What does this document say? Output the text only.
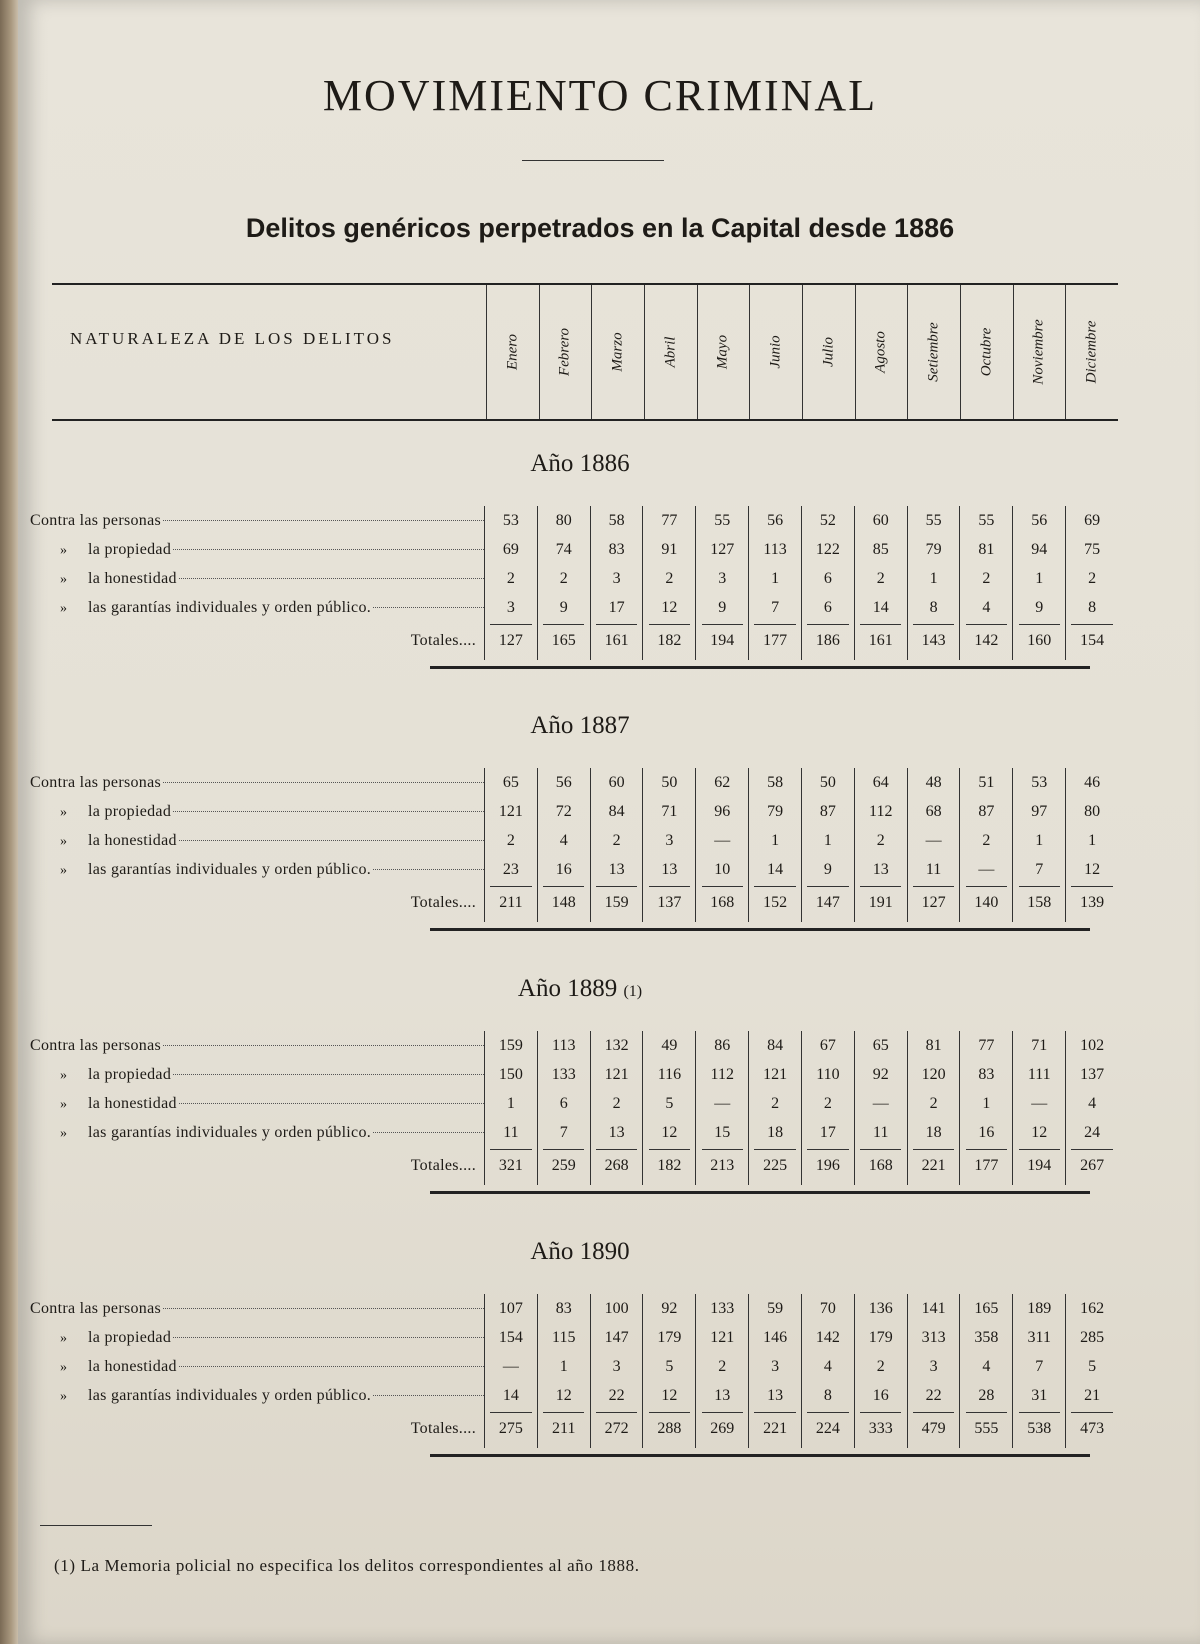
MOVIMIENTO CRIMINAL
Delitos genéricos perpetrados en la Capital desde 1886
NATURALEZA DE LOS DELITOS	Enero Febrero Marzo Abril Mayo Junio Julio Agosto Setiembre Octubre Noviembre Diciembre
Año 1886
Contra las personas	53	80	58	77	55	56	52	60	55	55	56	69
»	la propiedad	69	74	83	91	127	113	122	85	79	81	94	75
»	la honestidad	2	2	3	2	3	1	6	2	1	2	1	2
»	las garantías individuales y orden público.	3	9	17	12	9	7	6	14	8	4	9	8
Totales....	127	165	161	182	194	177	186	161	143	142	160	154
Año 1887
Contra las personas	65	56	60	50	62	58	50	64	48	51	53	46
»	la propiedad	121	72	84	71	96	79	87	112	68	87	97	80
»	la honestidad	2	4	2	3	—	1	1	2	—	2	1	1
»	las garantías individuales y orden público.	23	16	13	13	10	14	9	13	11	—	7	12
Totales....	211	148	159	137	168	152	147	191	127	140	158	139
Año 1889 (1)
Contra las personas	159	113	132	49	86	84	67	65	81	77	71	102
»	la propiedad	150	133	121	116	112	121	110	92	120	83	111	137
»	la honestidad	1	6	2	5	—	2	2	—	2	1	—	4
»	las garantías individuales y orden público.	11	7	13	12	15	18	17	11	18	16	12	24
Totales....	321	259	268	182	213	225	196	168	221	177	194	267
Año 1890
Contra las personas	107	83	100	92	133	59	70	136	141	165	189	162
»	la propiedad	154	115	147	179	121	146	142	179	313	358	311	285
»	la honestidad	—	1	3	5	2	3	4	2	3	4	7	5
»	las garantías individuales y orden público.	14	12	22	12	13	13	8	16	22	28	31	21
Totales....	275	211	272	288	269	221	224	333	479	555	538	473
(1) La Memoria policial no especifica los delitos correspondientes al año 1888.
